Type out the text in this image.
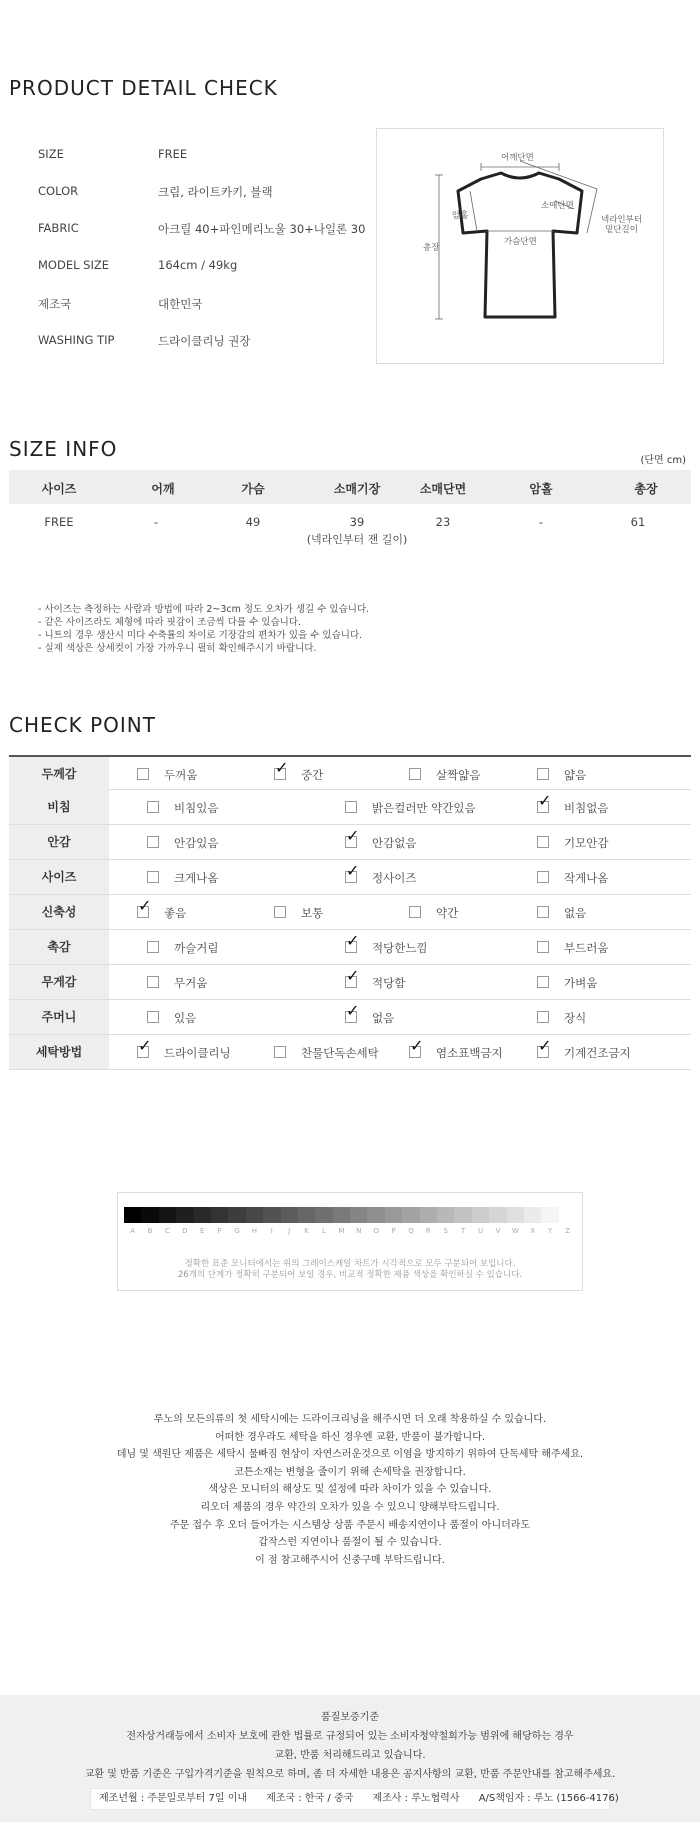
PRODUCT DETAIL CHECK
SIZE	FREE
COLOR	크림, 라이트카키, 블랙
FABRIC	아크릴 40+파인메리노울 30+나일론 30
MODEL SIZE	164cm / 49kg
제조국	대한민국
WASHING TIP	드라이클리닝 권장
어깨단면
소매단면
암홀
가슴단면
총장
넥라인부터
밑단길이
SIZE INFO	(단면 cm)
사이즈	어깨	가슴	소매기장	소매단면	암홀	총장
FREE	-	49	39	23	-	61
(넥라인부터 잰 길이)
- 사이즈는 측정하는 사람과 방법에 따라 2~3cm 정도 오차가 생길 수 있습니다.
- 같은 사이즈라도 체형에 따라 핏감이 조금씩 다를 수 있습니다.
- 니트의 경우 생산시 미다 수축률의 차이로 기장감의 편차가 있을 수 있습니다.
- 실제 색상은 상세컷이 가장 가까우니 필히 확인해주시기 바랍니다.
CHECK POINT
두께감	두꺼움	✓ 중간	살짝얇음	얇음
비침	비침있음	밝은컬러만 약간있음	✓ 비침없음
안감	안감있음	✓ 안감없음	기모안감
사이즈	크게나옴	✓ 정사이즈	작게나옴
신축성	✓ 좋음	보통	약간	없음
촉감	까슬거림	✓ 적당한느낌	부드러움
무게감	무거움	✓ 적당함	가벼움
주머니	있음	✓ 없음	장식
세탁방법	✓ 드라이클리닝	찬물단독손세탁 ✓ 염소표백금지 ✓ 기계건조금지
A	B	C	D	E	F	G	H	I	J	K	L	M	N	O	P	Q	R	S	T	U	V	W	X	Y	Z
정확한 표준 모니터에서는 위의 그레이스케일 차트가 시각적으로 모두 구분되어 보입니다.
26개의 단계가 정확히 구분되어 보일 경우, 비교적 정확한 제품 색상을 확인하실 수 있습니다.
루노의 모든의류의 첫 세탁시에는 드라이크리닝을 해주시면 더 오래 착용하실 수 있습니다.
어떠한 경우라도 세탁을 하신 경우엔 교환, 반품이 불가합니다.
데님 및 색원단 제품은 세탁시 물빠짐 현상이 자연스러운것으로 이염을 방지하기 위하여 단독세탁 해주세요.
코튼소재는 변형을 줄이기 위해 손세탁을 권장합니다.
색상은 모니터의 해상도 및 설정에 따라 차이가 있을 수 있습니다.
리오더 제품의 경우 약간의 오차가 있을 수 있으니 양해부탁드립니다.
주문 접수 후 오더 들어가는 시스템상 상품 주문시 배송지연이나 품절이 아니더라도
갑작스런 지연이나 품절이 될 수 있습니다.
이 점 참고해주시어 신중구매 부탁드립니다.
품질보증기준
전자상거래등에서 소비자 보호에 관한 법률로 규정되어 있는 소비자청약철회가능 범위에 해당하는 경우
교환, 반품 처리해드리고 있습니다.
교환 및 반품 기준은 구입가격기준을 원칙으로 하며, 좀 더 자세한 내용은 공지사항의 교환, 반품 주문안내를 참고해주세요.
제조년월 : 주문일로부터 7일 이내 제조국 : 한국 / 중국 제조사 : 루노협력사 A/S책임자 : 루노 (1566-4176)
